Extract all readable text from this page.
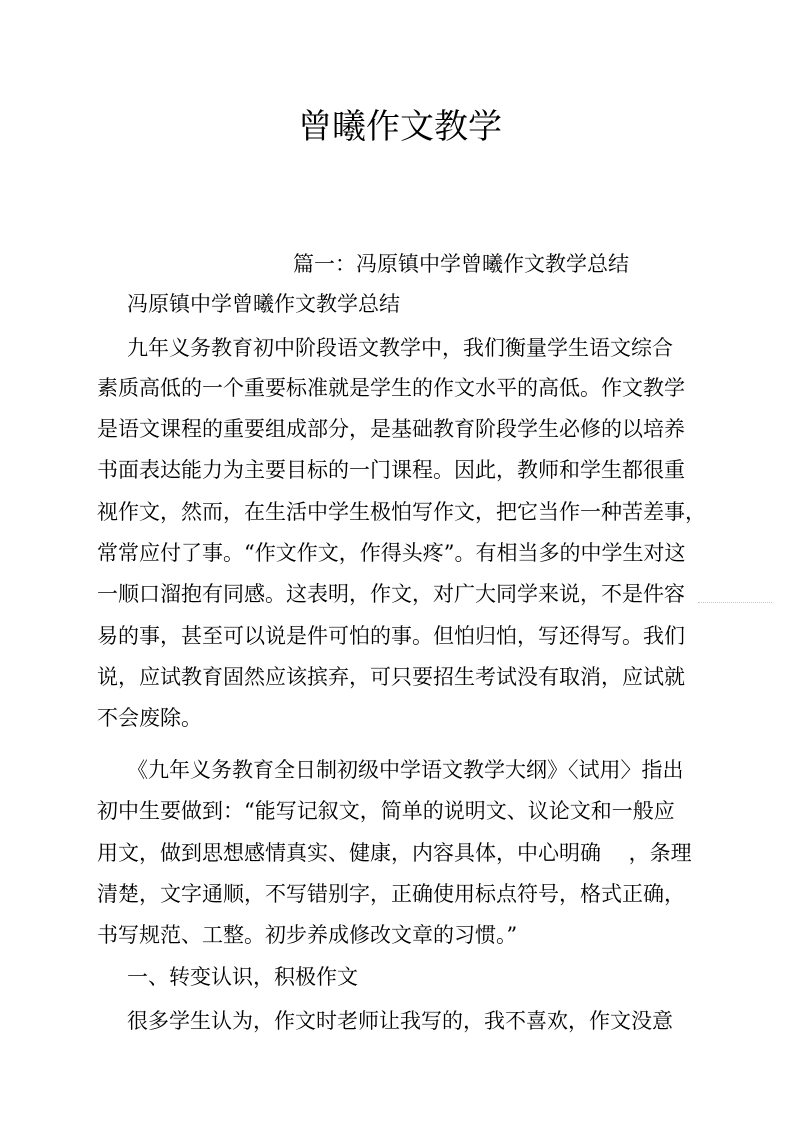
曾曦作文教学
篇一：冯原镇中学曾曦作文教学总结
冯原镇中学曾曦作文教学总结
九年义务教育初中阶段语文教学中，我们衡量学生语文综合
素质高低的一个重要标准就是学生的作文水平的高低。作文教学
是语文课程的重要组成部分，是基础教育阶段学生必修的以培养
书面表达能力为主要目标的一门课程。因此，教师和学生都很重
视作文，然而，在生活中学生极怕写作文，把它当作一种苦差事，
常常应付了事。“作文作文，作得头疼”。有相当多的中学生对这
一顺口溜抱有同感。这表明，作文，对广大同学来说，不是件容
易的事，甚至可以说是件可怕的事。但怕归怕，写还得写。我们
说，应试教育固然应该摈弃，可只要招生考试没有取消，应试就
不会废除。
《九年义务教育全日制初级中学语文教学大纲》〈试用〉指出
初中生要做到：“能写记叙文，简单的说明文、议论文和一般应
用文，做到思想感情真实、健康，内容具体，中心明确　 ，条理
清楚，文字通顺，不写错别字，正确使用标点符号，格式正确，
书写规范、工整。初步养成修改文章的习惯。”
一、转变认识，积极作文
很多学生认为，作文时老师让我写的，我不喜欢，作文没意
